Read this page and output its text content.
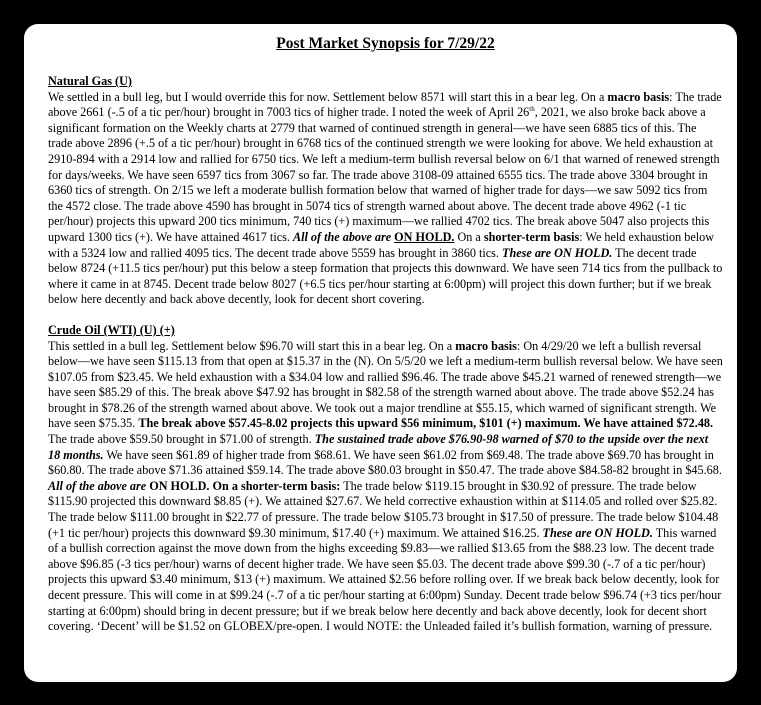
Post Market Synopsis for 7/29/22

Natural Gas (U)

We settled in a bull leg, but I would override this for now. Settlement below 8571 will start this in a bear leg. On a macro basis: The trade above 2661 (-.5 of a tic per/hour) brought in 7003 tics of higher trade. I noted the week of April 26th, 2021, we also broke back above a significant formation on the Weekly charts at 2779 that warned of continued strength in general—we have seen 6885 tics of this. The trade above 2896 (+.5 of a tic per/hour) brought in 6768 tics of the continued strength we were looking for above. We held exhaustion at 2910-894 with a 2914 low and rallied for 6750 tics. We left a medium-term bullish reversal below on 6/1 that warned of renewed strength for days/weeks. We have seen 6597 tics from 3067 so far. The trade above 3108-09 attained 6555 tics. The trade above 3304 brought in 6360 tics of strength. On 2/15 we left a moderate bullish formation below that warned of higher trade for days—we saw 5092 tics from the 4572 close. The trade above 4590 has brought in 5074 tics of strength warned about above. The decent trade above 4962 (-1 tic per/hour) projects this upward 200 tics minimum, 740 tics (+) maximum—we rallied 4702 tics. The break above 5047 also projects this upward 1300 tics (+). We have attained 4617 tics. All of the above are ON HOLD. On a shorter-term basis: We held exhaustion below with a 5324 low and rallied 4095 tics. The decent trade above 5559 has brought in 3860 tics. These are ON HOLD. The decent trade below 8724 (+11.5 tics per/hour) put this below a steep formation that projects this downward. We have seen 714 tics from the pullback to where it came in at 8745. Decent trade below 8027 (+6.5 tics per/hour starting at 6:00pm) will project this down further; but if we break below here decently and back above decently, look for decent short covering.

Crude Oil (WTI) (U) (+)

This settled in a bull leg. Settlement below $96.70 will start this in a bear leg. On a macro basis: On 4/29/20 we left a bullish reversal below—we have seen $115.13 from that open at $15.37 in the (N). On 5/5/20 we left a medium-term bullish reversal below. We have seen $107.05 from $23.45. We held exhaustion with a $34.04 low and rallied $96.46. The trade above $45.21 warned of renewed strength—we have seen $85.29 of this. The break above $47.92 has brought in $82.58 of the strength warned about above. The trade above $52.24 has brought in $78.26 of the strength warned about above. We took out a major trendline at $55.15, which warned of significant strength. We have seen $75.35. The break above $57.45-8.02 projects this upward $56 minimum, $101 (+) maximum. We have attained $72.48. The trade above $59.50 brought in $71.00 of strength. The sustained trade above $76.90-98 warned of $70 to the upside over the next 18 months. We have seen $61.89 of higher trade from $68.61. We have seen $61.02 from $69.48. The trade above $69.70 has brought in $60.80. The trade above $71.36 attained $59.14. The trade above $80.03 brought in $50.47. The trade above $84.58-82 brought in $45.68. All of the above are ON HOLD. On a shorter-term basis: The trade below $119.15 brought in $30.92 of pressure. The trade below $115.90 projected this downward $8.85 (+). We attained $27.67. We held corrective exhaustion within at $114.05 and rolled over $25.82. The trade below $111.00 brought in $22.77 of pressure. The trade below $105.73 brought in $17.50 of pressure. The trade below $104.48 (+1 tic per/hour) projects this downward $9.30 minimum, $17.40 (+) maximum. We attained $16.25. These are ON HOLD. This warned of a bullish correction against the move down from the highs exceeding $9.83—we rallied $13.65 from the $88.23 low. The decent trade above $96.85 (-3 tics per/hour) warns of decent higher trade. We have seen $5.03. The decent trade above $99.30 (-.7 of a tic per/hour) projects this upward $3.40 minimum, $13 (+) maximum. We attained $2.56 before rolling over. If we break back below decently, look for decent pressure. This will come in at $99.24 (-.7 of a tic per/hour starting at 6:00pm) Sunday. Decent trade below $96.74 (+3 tics per/hour starting at 6:00pm) should bring in decent pressure; but if we break below here decently and back above decently, look for decent short covering. ‘Decent’ will be $1.52 on GLOBEX/pre-open. I would NOTE: the Unleaded failed it’s bullish formation, warning of pressure.
